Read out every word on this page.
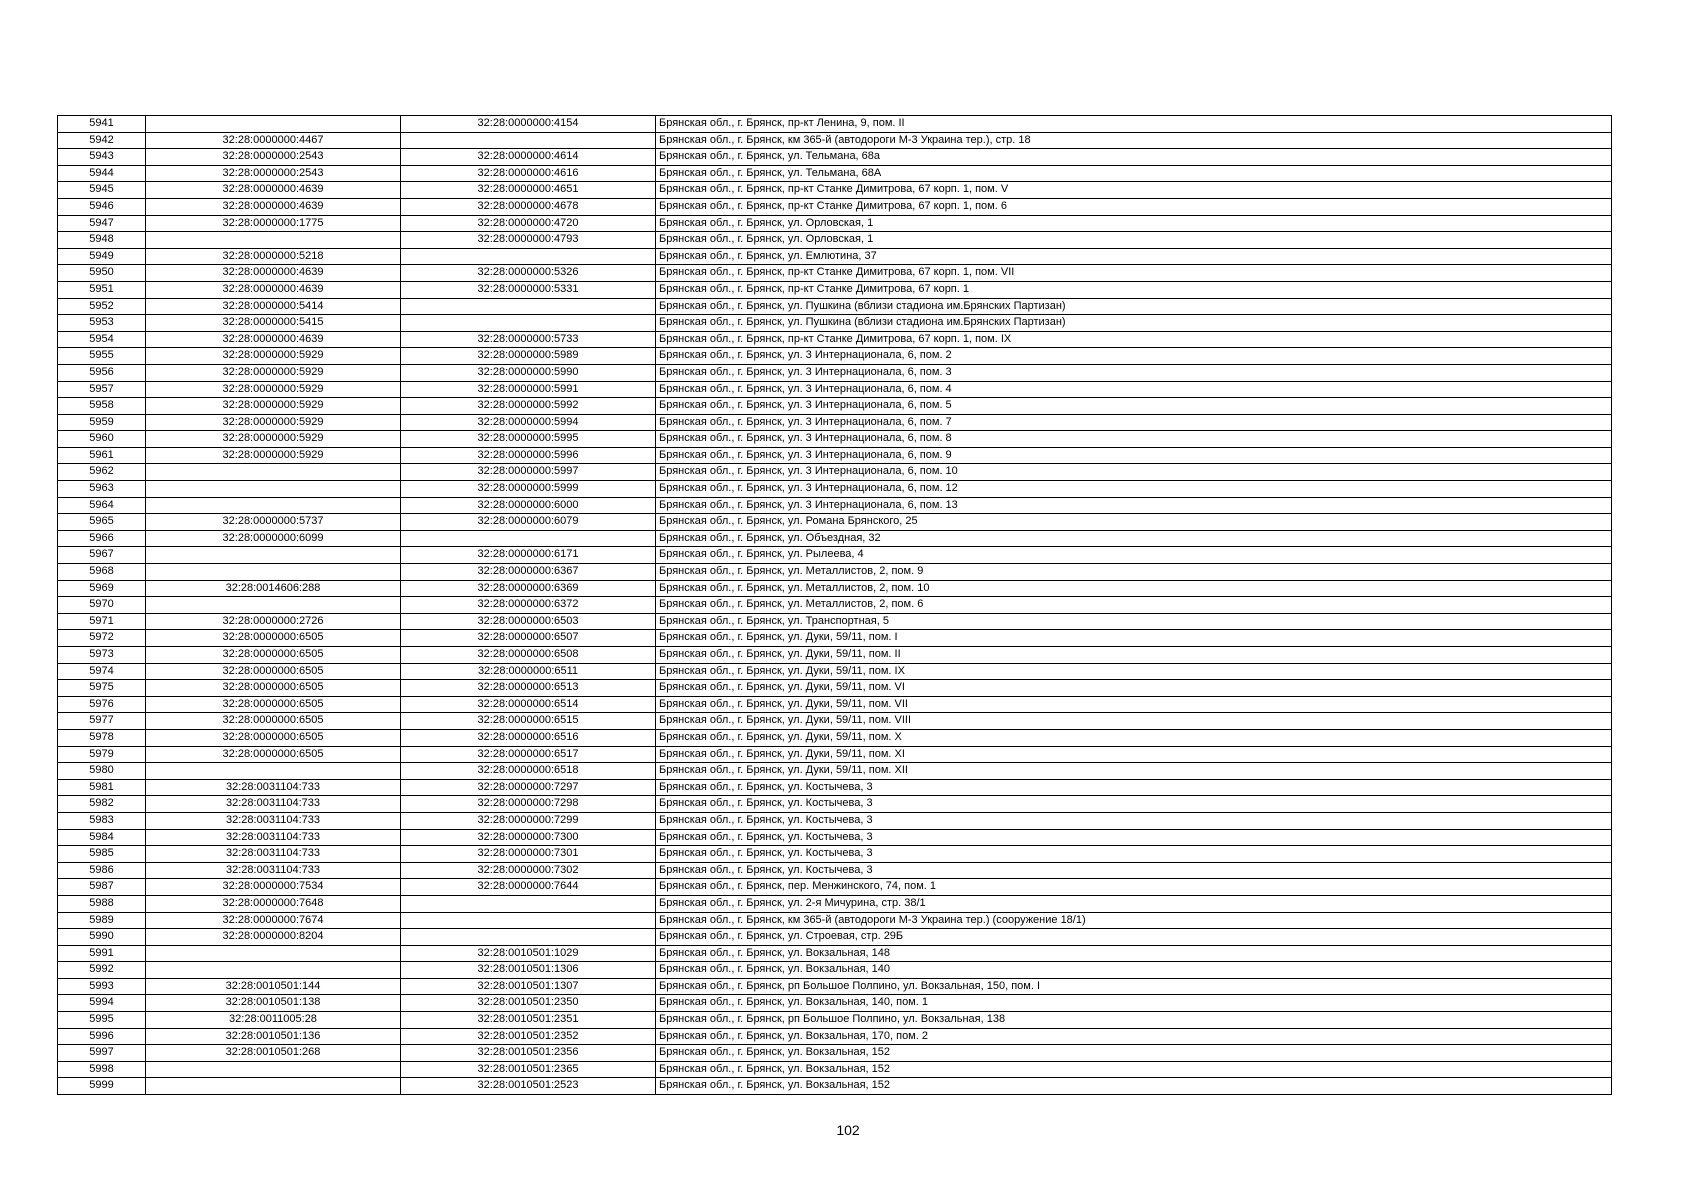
5941		32:28:0000000:4154	Брянская обл., г. Брянск, пр-кт Ленина, 9, пом. II
5942	32:28:0000000:4467		Брянская обл., г. Брянск, км 365-й (автодороги М-3 Украина тер.), стр. 18
5943	32:28:0000000:2543	32:28:0000000:4614	Брянская обл., г. Брянск, ул. Тельмана, 68а
5944	32:28:0000000:2543	32:28:0000000:4616	Брянская обл., г. Брянск, ул. Тельмана, 68А
5945	32:28:0000000:4639	32:28:0000000:4651	Брянская обл., г. Брянск, пр-кт Станке Димитрова, 67 корп. 1, пом. V
5946	32:28:0000000:4639	32:28:0000000:4678	Брянская обл., г. Брянск, пр-кт Станке Димитрова, 67 корп. 1, пом. 6
5947	32:28:0000000:1775	32:28:0000000:4720	Брянская обл., г. Брянск, ул. Орловская, 1
5948		32:28:0000000:4793	Брянская обл., г. Брянск, ул. Орловская, 1
5949	32:28:0000000:5218		Брянская обл., г. Брянск, ул. Емлютина, 37
5950	32:28:0000000:4639	32:28:0000000:5326	Брянская обл., г. Брянск, пр-кт Станке Димитрова, 67 корп. 1, пом. VII
5951	32:28:0000000:4639	32:28:0000000:5331	Брянская обл., г. Брянск, пр-кт Станке Димитрова, 67 корп. 1
5952	32:28:0000000:5414		Брянская обл., г. Брянск, ул. Пушкина (вблизи стадиона им.Брянских Партизан)
5953	32:28:0000000:5415		Брянская обл., г. Брянск, ул. Пушкина (вблизи стадиона им.Брянских Партизан)
5954	32:28:0000000:4639	32:28:0000000:5733	Брянская обл., г. Брянск, пр-кт Станке Димитрова, 67 корп. 1, пом. IX
5955	32:28:0000000:5929	32:28:0000000:5989	Брянская обл., г. Брянск, ул. 3 Интернационала, 6, пом. 2
5956	32:28:0000000:5929	32:28:0000000:5990	Брянская обл., г. Брянск, ул. 3 Интернационала, 6, пом. 3
5957	32:28:0000000:5929	32:28:0000000:5991	Брянская обл., г. Брянск, ул. 3 Интернационала, 6, пом. 4
5958	32:28:0000000:5929	32:28:0000000:5992	Брянская обл., г. Брянск, ул. 3 Интернационала, 6, пом. 5
5959	32:28:0000000:5929	32:28:0000000:5994	Брянская обл., г. Брянск, ул. 3 Интернационала, 6, пом. 7
5960	32:28:0000000:5929	32:28:0000000:5995	Брянская обл., г. Брянск, ул. 3 Интернационала, 6, пом. 8
5961	32:28:0000000:5929	32:28:0000000:5996	Брянская обл., г. Брянск, ул. 3 Интернационала, 6, пом. 9
5962		32:28:0000000:5997	Брянская обл., г. Брянск, ул. 3 Интернационала, 6, пом. 10
5963		32:28:0000000:5999	Брянская обл., г. Брянск, ул. 3 Интернационала, 6, пом. 12
5964		32:28:0000000:6000	Брянская обл., г. Брянск, ул. 3 Интернационала, 6, пом. 13
5965	32:28:0000000:5737	32:28:0000000:6079	Брянская обл., г. Брянск, ул. Романа Брянского, 25
5966	32:28:0000000:6099		Брянская обл., г. Брянск, ул. Объездная, 32
5967		32:28:0000000:6171	Брянская обл., г. Брянск, ул. Рылеева, 4
5968		32:28:0000000:6367	Брянская обл., г. Брянск, ул. Металлистов, 2, пом. 9
5969	32:28:0014606:288	32:28:0000000:6369	Брянская обл., г. Брянск, ул. Металлистов, 2, пом. 10
5970		32:28:0000000:6372	Брянская обл., г. Брянск, ул. Металлистов, 2, пом. 6
5971	32:28:0000000:2726	32:28:0000000:6503	Брянская обл., г. Брянск, ул. Транспортная, 5
5972	32:28:0000000:6505	32:28:0000000:6507	Брянская обл., г. Брянск, ул. Дуки, 59/11, пом. I
5973	32:28:0000000:6505	32:28:0000000:6508	Брянская обл., г. Брянск, ул. Дуки, 59/11, пом. II
5974	32:28:0000000:6505	32:28:0000000:6511	Брянская обл., г. Брянск, ул. Дуки, 59/11, пом. IX
5975	32:28:0000000:6505	32:28:0000000:6513	Брянская обл., г. Брянск, ул. Дуки, 59/11, пом. VI
5976	32:28:0000000:6505	32:28:0000000:6514	Брянская обл., г. Брянск, ул. Дуки, 59/11, пом. VII
5977	32:28:0000000:6505	32:28:0000000:6515	Брянская обл., г. Брянск, ул. Дуки, 59/11, пом. VIII
5978	32:28:0000000:6505	32:28:0000000:6516	Брянская обл., г. Брянск, ул. Дуки, 59/11, пом. X
5979	32:28:0000000:6505	32:28:0000000:6517	Брянская обл., г. Брянск, ул. Дуки, 59/11, пом. XI
5980		32:28:0000000:6518	Брянская обл., г. Брянск, ул. Дуки, 59/11, пом. XII
5981	32:28:0031104:733	32:28:0000000:7297	Брянская обл., г. Брянск, ул. Костычева, 3
5982	32:28:0031104:733	32:28:0000000:7298	Брянская обл., г. Брянск, ул. Костычева, 3
5983	32:28:0031104:733	32:28:0000000:7299	Брянская обл., г. Брянск, ул. Костычева, 3
5984	32:28:0031104:733	32:28:0000000:7300	Брянская обл., г. Брянск, ул. Костычева, 3
5985	32:28:0031104:733	32:28:0000000:7301	Брянская обл., г. Брянск, ул. Костычева, 3
5986	32:28:0031104:733	32:28:0000000:7302	Брянская обл., г. Брянск, ул. Костычева, 3
5987	32:28:0000000:7534	32:28:0000000:7644	Брянская обл., г. Брянск, пер. Менжинского, 74, пом. 1
5988	32:28:0000000:7648		Брянская обл., г. Брянск, ул. 2-я Мичурина, стр. 38/1
5989	32:28:0000000:7674		Брянская обл., г. Брянск, км 365-й (автодороги М-3 Украина тер.) (сооружение 18/1)
5990	32:28:0000000:8204		Брянская обл., г. Брянск, ул. Строевая, стр. 29Б
5991		32:28:0010501:1029	Брянская обл., г. Брянск, ул. Вокзальная, 148
5992		32:28:0010501:1306	Брянская обл., г. Брянск, ул. Вокзальная, 140
5993	32:28:0010501:144	32:28:0010501:1307	Брянская обл., г. Брянск, рп Большое Полпино, ул. Вокзальная, 150, пом. I
5994	32:28:0010501:138	32:28:0010501:2350	Брянская обл., г. Брянск, ул. Вокзальная, 140, пом. 1
5995	32:28:0011005:28	32:28:0010501:2351	Брянская обл., г. Брянск, рп Большое Полпино, ул. Вокзальная, 138
5996	32:28:0010501:136	32:28:0010501:2352	Брянская обл., г. Брянск, ул. Вокзальная, 170, пом. 2
5997	32:28:0010501:268	32:28:0010501:2356	Брянская обл., г. Брянск, ул. Вокзальная, 152
5998		32:28:0010501:2365	Брянская обл., г. Брянск, ул. Вокзальная, 152
5999		32:28:0010501:2523	Брянская обл., г. Брянск, ул. Вокзальная, 152
102
